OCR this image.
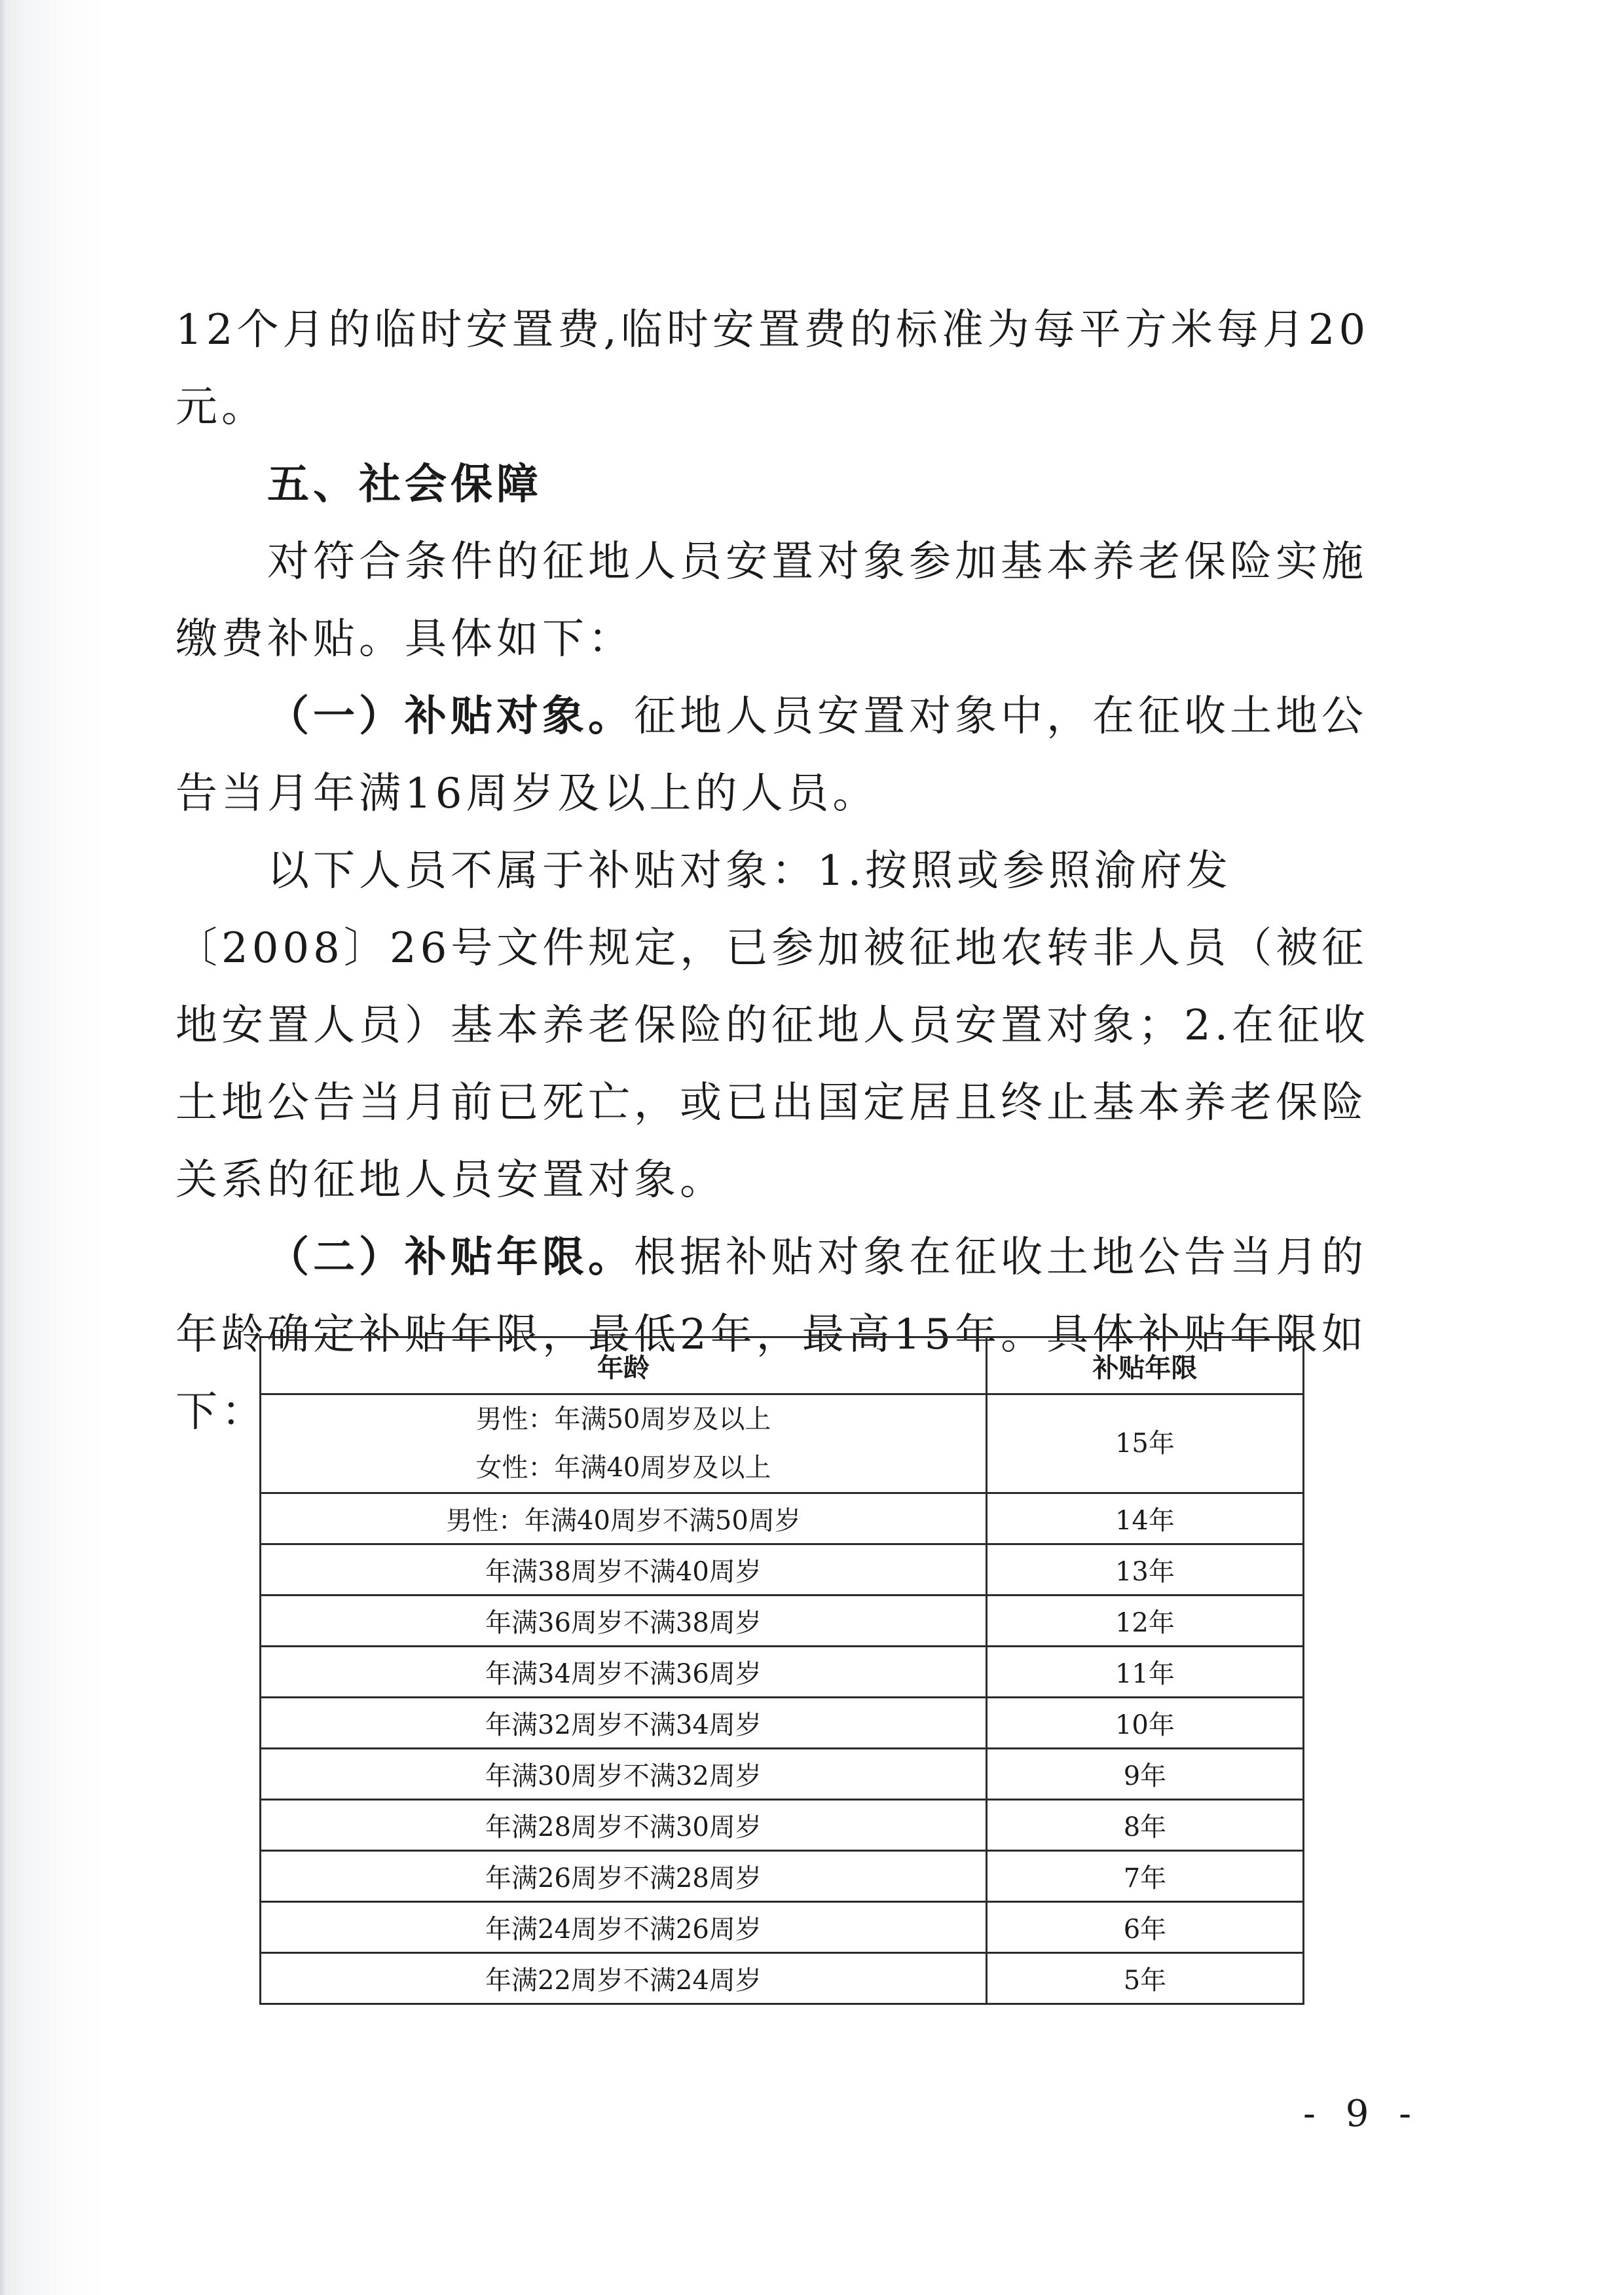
12个月的临时安置费,临时安置费的标准为每平方米每月20元。

五、社会保障

对符合条件的征地人员安置对象参加基本养老保险实施缴费补贴。具体如下：

（一）补贴对象。征地人员安置对象中，在征收土地公告当月年满16周岁及以上的人员。

以下人员不属于补贴对象：1.按照或参照渝府发〔2008〕26号文件规定，已参加被征地农转非人员（被征地安置人员）基本养老保险的征地人员安置对象；2.在征收土地公告当月前已死亡，或已出国定居且终止基本养老保险关系的征地人员安置对象。

（二）补贴年限。根据补贴对象在征收土地公告当月的年龄确定补贴年限，最低2年，最高15年。具体补贴年限如下：

年龄	补贴年限

男性：年满50周岁及以上
女性：年满40周岁及以上	15年
男性：年满40周岁不满50周岁	14年
年满38周岁不满40周岁	13年
年满36周岁不满38周岁	12年
年满34周岁不满36周岁	11年
年满32周岁不满34周岁	10年
年满30周岁不满32周岁	9年
年满28周岁不满30周岁	8年
年满26周岁不满28周岁	7年
年满24周岁不满26周岁	6年
年满22周岁不满24周岁	5年
- 9 -
